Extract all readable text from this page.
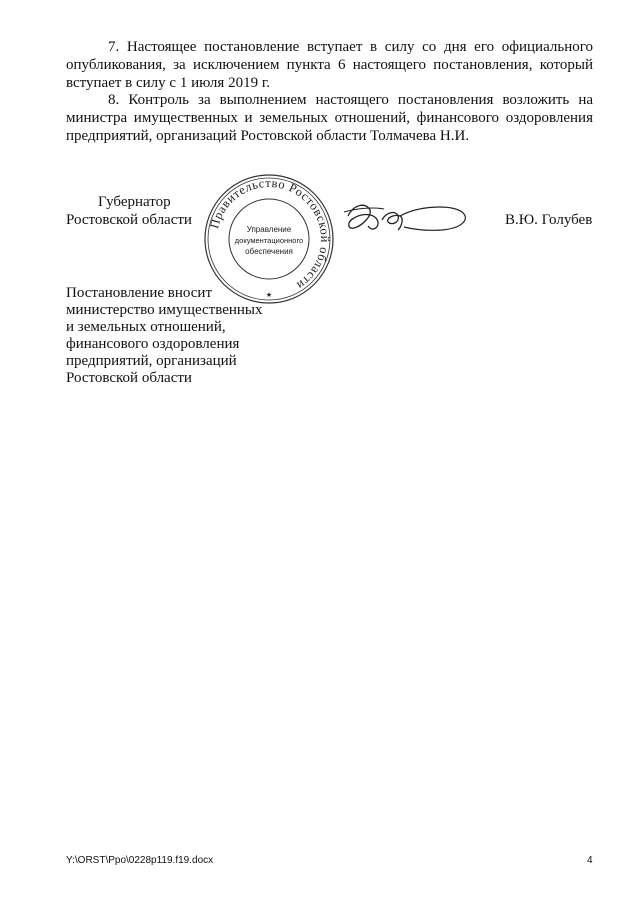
7. Настоящее постановление вступает в силу со дня его официального опубликования, за исключением пункта 6 настоящего постановления, который вступает в силу с 1 июля 2019 г.

8. Контроль за выполнением настоящего постановления возложить на министра имущественных и земельных отношений, финансового оздоровления предприятий, организаций Ростовской области Толмачева Н.И.

Губернатор
Ростовской области Правительство Ростовской области
Управление
документационного
обеспечения
★
В.Ю. Голубев
Постановление вносит
министерство имущественных
и земельных отношений,
финансового оздоровления
предприятий, организаций
Ростовской области
Y:\ORST\Ppo\0228p119.f19.docx	4
